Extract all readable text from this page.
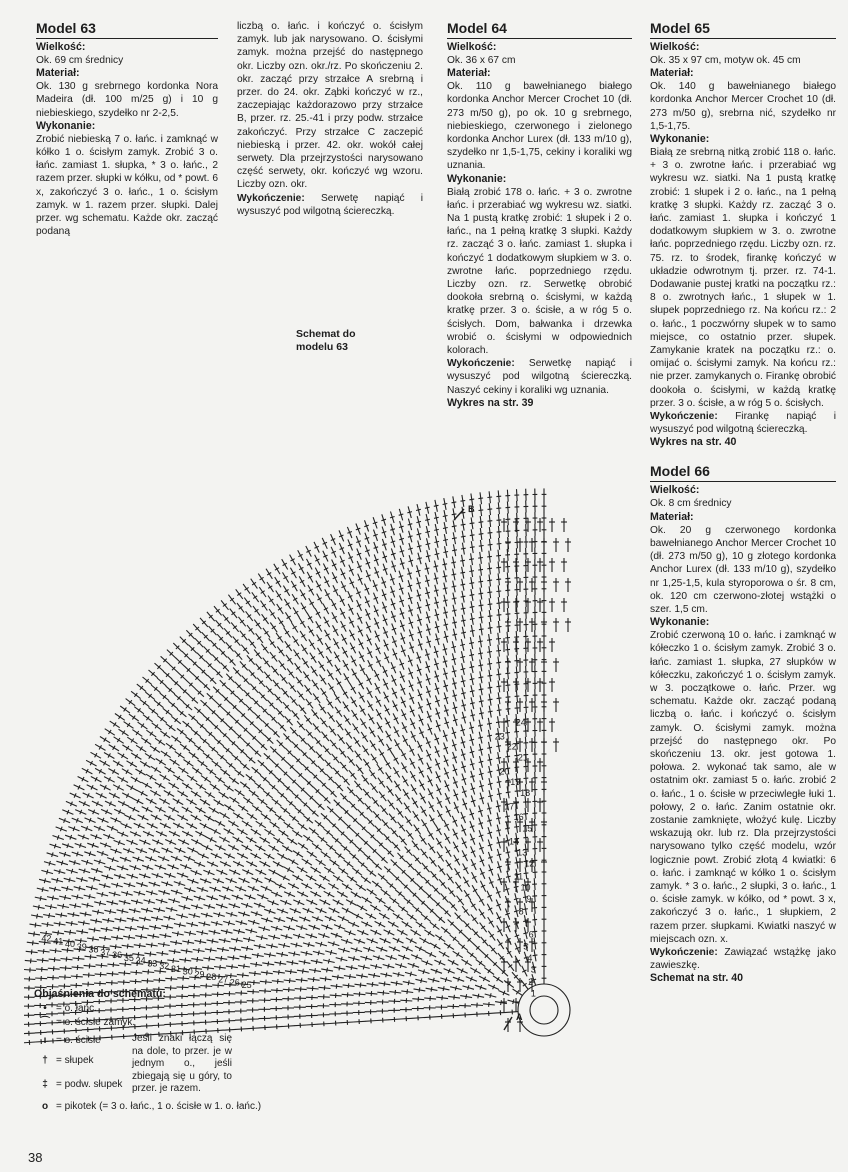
Model 63
Wielkość:

Ok. 69 cm średnicy

Materiał:

Ok. 130 g srebrnego kordonka Nora Madeira (dł. 100 m/25 g) i 10 g niebieskiego, szydełko nr 2-2,5.

Wykonanie:

Zrobić niebieską 7 o. łańc. i zamknąć w kółko 1 o. ścisłym zamyk. Zrobić 3 o. łańc. zamiast 1. słupka, * 3 o. łańc., 2 razem przer. słupki w kółku, od * powt. 6 x, zakończyć 3 o. łańc., 1 o. ścisłym zamyk. w 1. razem przer. słupki. Dalej przer. wg schematu. Każde okr. zacząć podaną

liczbą o. łańc. i kończyć o. ścisłym zamyk. lub jak narysowano. O. ścisłymi zamyk. można przejść do następnego okr. Liczby ozn. okr./rz. Po skończeniu 2. okr. zacząć przy strzałce A srebrną i przer. do 24. okr. Ząbki kończyć w rz., zaczepiając każdorazowo przy strzałce B, przer. rz. 25.-41 i przy podw. strzałce zakończyć. Przy strzałce C zaczepić niebieską i przer. 42. okr. wokół całej serwety. Dla przejrzystości narysowano część serwety, okr. kończyć wg wzoru. Liczby ozn. okr.

Wykończenie: Serwetę napiąć i wysuszyć pod wilgotną ściereczką.

Model 64
Wielkość:

Ok. 36 x 67 cm

Materiał:

Ok. 110 g bawełnianego białego kordonka Anchor Mercer Crochet 10 (dł. 273 m/50 g), po ok. 10 g srebrnego, niebieskiego, czerwonego i zielonego kordonka Anchor Lurex (dł. 133 m/10 g), szydełko nr 1,5-1,75, cekiny i koraliki wg uznania.

Wykonanie:

Białą zrobić 178 o. łańc. + 3 o. zwrotne łańc. i przerabiać wg wykresu wz. siatki. Na 1 pustą kratkę zrobić: 1 słupek i 2 o. łańc., na 1 pełną kratkę 3 słupki. Każdy rz. zacząć 3 o. łańc. zamiast 1. słupka i kończyć 1 dodatkowym słupkiem w 3. o. zwrotne łańc. poprzedniego rzędu. Liczby ozn. rz. Serwetkę obrobić dookoła srebrną o. ścisłymi, w każdą kratkę przer. 3 o. ścisłe, a w róg 5 o. ścisłych. Dom, bałwanka i drzewka wrobić o. ścisłymi w odpowiednich kolorach.

Wykończenie: Serwetkę napiąć i wysuszyć pod wilgotną ściereczką. Naszyć cekiny i koraliki wg uznania.

Wykres na str. 39
Model 65
Wielkość:

Ok. 35 x 97 cm, motyw ok. 45 cm

Materiał:

Ok. 140 g bawełnianego białego kordonka Anchor Mercer Crochet 10 (dł. 273 m/50 g), srebrna nić, szydełko nr 1,5-1,75.

Wykonanie:

Białą ze srebrną nitką zrobić 118 o. łańc. + 3 o. zwrotne łańc. i przerabiać wg wykresu wz. siatki. Na 1 pustą kratkę zrobić: 1 słupek i 2 o. łańc., na 1 pełną kratkę 3 słupki. Każdy rz. zacząć 3 o. łańc. zamiast 1. słupka i kończyć 1 dodatkowym słupkiem w 3. o. zwrotne łańc. poprzedniego rzędu. Liczby ozn. rz. 75. rz. to środek, firankę kończyć w układzie odwrotnym tj. przer. rz. 74-1. Dodawanie pustej kratki na początku rz.: 8 o. zwrotnych łańc., 1 słupek w 1. słupek poprzedniego rz. Na końcu rz.: 2 o. łańc., 1 poczwórny słupek w to samo miejsce, co ostatnio przer. słupek. Zamykanie kratek na początku rz.: o. omijać o. ścisłymi zamyk. Na końcu rz.: nie przer. zamykanych o. Firankę obrobić dookoła o. ścisłymi, w każdą kratkę przer. 3 o. ścisłe, a w róg 5 o. ścisłych.

Wykończenie: Firankę napiąć i wysuszyć pod wilgotną ściereczką.

Wykres na str. 40
Model 66
Wielkość:

Ok. 8 cm średnicy

Materiał:

Ok. 20 g czerwonego kordonka bawełnianego Anchor Mercer Crochet 10 (dł. 273 m/50 g), 10 g złotego kordonka Anchor Lurex (dł. 133 m/10 g), szydełko nr 1,25-1,5, kula styroporowa o śr. 8 cm, ok. 120 cm czerwono-złotej wstążki o szer. 1,5 cm.

Wykonanie:

Zrobić czerwoną 10 o. łańc. i zamknąć w kółeczko 1 o. ścisłym zamyk. Zrobić 3 o. łańc. zamiast 1. słupka, 27 słupków w kółeczku, zakończyć 1 o. ścisłym zamyk. w 3. początkowe o. łańc. Przer. wg schematu. Każde okr. zacząć podaną liczbą o. łańc. i kończyć o. ścisłym zamyk. O. ścisłymi zamyk. można przejść do następnego okr. Po skończeniu 13. okr. jest gotowa 1. połowa. 2. wykonać tak samo, ale w ostatnim okr. zamiast 5 o. łańc. zrobić 2 o. łańc., 1 o. ścisłe w przeciwległe łuki 1. połowy, 2 o. łańc. Zanim ostatnie okr. zostanie zamknięte, włożyć kulę. Liczby wskazują okr. lub rz. Dla przejrzystości narysowano tylko część modelu, wzór logicznie powt. Zrobić złotą 4 kwiatki: 6 o. łańc. i zamknąć w kółko 1 o. ścisłym zamyk. * 3 o. łańc., 2 słupki, 3 o. łańc., 1 o. ścisłe zamyk. w kółko, od * powt. 3 x, zakończyć 3 o. łańc., 1 słupkiem, 2 razem przer. słupkami. Kwiatki naszyć w miejscach ozn. x.

Wykończenie: Zawiązać wstążkę jako zawieszkę.

Schemat na str. 40
1
2
3
4
5
6
7
8
9
10
11
12
13
14
15
16
17
18
19
20
21
22
23
24
25
26
27
28
29
30
31
32
33
34
35
36
37
38
39
40
41
42
A
B
Schemat do modelu 63
Objaśnienia do schematu:
• = o. łańc.
⌒ = o. ścisłe zamyk.
ı = o. ścisłe
† = słupek
‡ = podw. słupek
o = pikotek (= 3 o. łańc., 1 o. ścisłe w 1. o. łańc.)
Jeśli znaki łączą się na dole, to przer. je w jednym o., jeśli zbiegają się u góry, to przer. je razem.
38
